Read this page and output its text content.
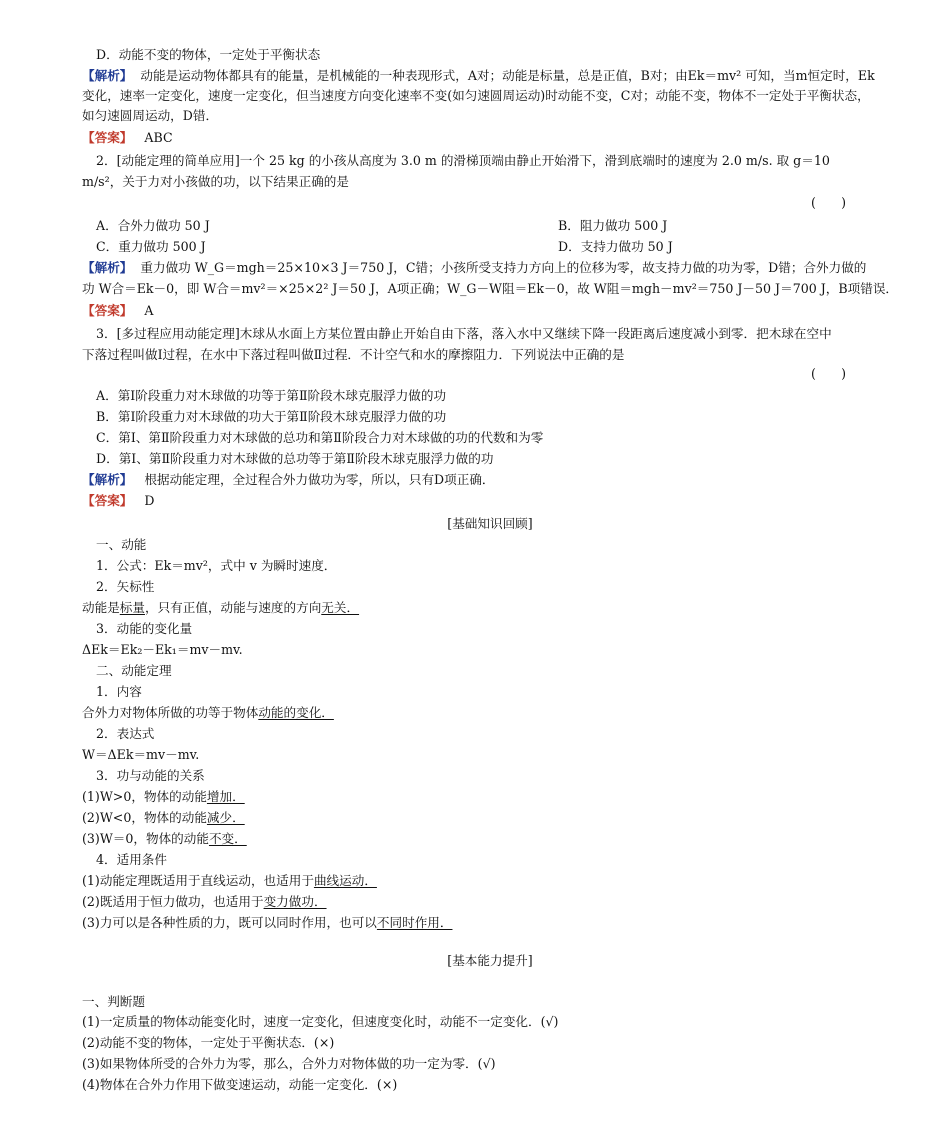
D．动能不变的物体，一定处于平衡状态
【解析】 动能是运动物体都具有的能量，是机械能的一种表现形式，A对；动能是标量，总是正值，B对；由Ek＝mv² 可知，当m恒定时，Ek
变化，速率一定变化，速度一定变化，但当速度方向变化速率不变(如匀速圆周运动)时动能不变，C对；动能不变，物体不一定处于平衡状态，
如匀速圆周运动，D错．
【答案】 ABC
2．[动能定理的简单应用]一个 25 kg 的小孩从高度为 3.0 m 的滑梯顶端由静止开始滑下，滑到底端时的速度为 2.0 m/s. 取 g＝10
m/s²，关于力对小孩做的功，以下结果正确的是
(　　)
A．合外力做功 50 J	B．阻力做功 500 J
C．重力做功 500 J	D．支持力做功 50 J
【解析】 重力做功 W_G＝mgh＝25×10×3 J＝750 J，C错；小孩所受支持力方向上的位移为零，故支持力做的功为零，D错；合外力做的
功 W合＝Ek－0，即 W合＝mv²＝×25×2² J＝50 J，A项正确；W_G－W阻＝Ek－0，故 W阻＝mgh－mv²＝750 J－50 J＝700 J，B项错误．
【答案】 A
3．[多过程应用动能定理]木球从水面上方某位置由静止开始自由下落，落入水中又继续下降一段距离后速度减小到零．把木球在空中
下落过程叫做Ⅰ过程，在水中下落过程叫做Ⅱ过程．不计空气和水的摩擦阻力．下列说法中正确的是
(　　)
A．第Ⅰ阶段重力对木球做的功等于第Ⅱ阶段木球克服浮力做的功
B．第Ⅰ阶段重力对木球做的功大于第Ⅱ阶段木球克服浮力做的功
C．第Ⅰ、第Ⅱ阶段重力对木球做的总功和第Ⅱ阶段合力对木球做的功的代数和为零
D．第Ⅰ、第Ⅱ阶段重力对木球做的总功等于第Ⅱ阶段木球克服浮力做的功
【解析】 根据动能定理，全过程合外力做功为零，所以，只有D项正确．
【答案】 D
[基础知识回顾]
一、动能
1．公式：Ek＝mv²，式中 v 为瞬时速度．
2．矢标性
动能是标量，只有正值，动能与速度的方向无关．
3．动能的变化量
ΔEk＝Ek₂－Ek₁＝mv－mv.
二、动能定理
1．内容
合外力对物体所做的功等于物体动能的变化．
2．表达式
W＝ΔEk＝mv－mv.
3．功与动能的关系
(1)W>0，物体的动能增加．
(2)W<0，物体的动能减少．
(3)W＝0，物体的动能不变．
4．适用条件
(1)动能定理既适用于直线运动，也适用于曲线运动．
(2)既适用于恒力做功，也适用于变力做功．
(3)力可以是各种性质的力，既可以同时作用，也可以不同时作用．
[基本能力提升]
一、判断题
(1)一定质量的物体动能变化时，速度一定变化，但速度变化时，动能不一定变化．(√)
(2)动能不变的物体，一定处于平衡状态．(×)
(3)如果物体所受的合外力为零，那么，合外力对物体做的功一定为零．(√)
(4)物体在合外力作用下做变速运动，动能一定变化．(×)
